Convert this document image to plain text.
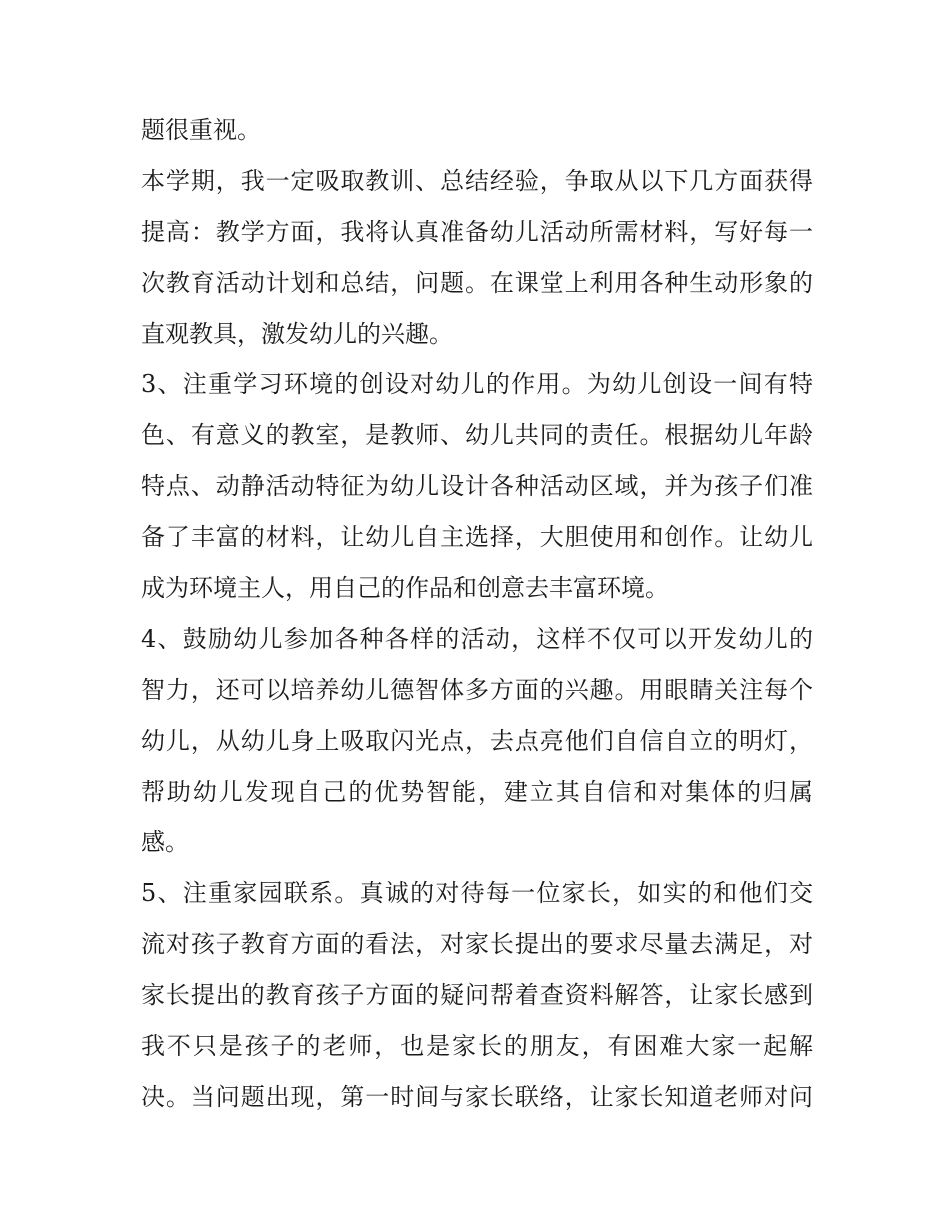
题很重视。
本学期，我一定吸取教训、总结经验，争取从以下几方面获得
提高：教学方面，我将认真准备幼儿活动所需材料，写好每一
次教育活动计划和总结，问题。在课堂上利用各种生动形象的
直观教具，激发幼儿的兴趣。
3、注重学习环境的创设对幼儿的作用。为幼儿创设一间有特
色、有意义的教室，是教师、幼儿共同的责任。根据幼儿年龄
特点、动静活动特征为幼儿设计各种活动区域，并为孩子们准
备了丰富的材料，让幼儿自主选择，大胆使用和创作。让幼儿
成为环境主人，用自己的作品和创意去丰富环境。
4、鼓励幼儿参加各种各样的活动，这样不仅可以开发幼儿的
智力，还可以培养幼儿德智体多方面的兴趣。用眼睛关注每个
幼儿，从幼儿身上吸取闪光点，去点亮他们自信自立的明灯，
帮助幼儿发现自己的优势智能，建立其自信和对集体的归属
感。
5、注重家园联系。真诚的对待每一位家长，如实的和他们交
流对孩子教育方面的看法，对家长提出的要求尽量去满足，对
家长提出的教育孩子方面的疑问帮着查资料解答，让家长感到
我不只是孩子的老师，也是家长的朋友，有困难大家一起解
决。当问题出现，第一时间与家长联络，让家长知道老师对问
